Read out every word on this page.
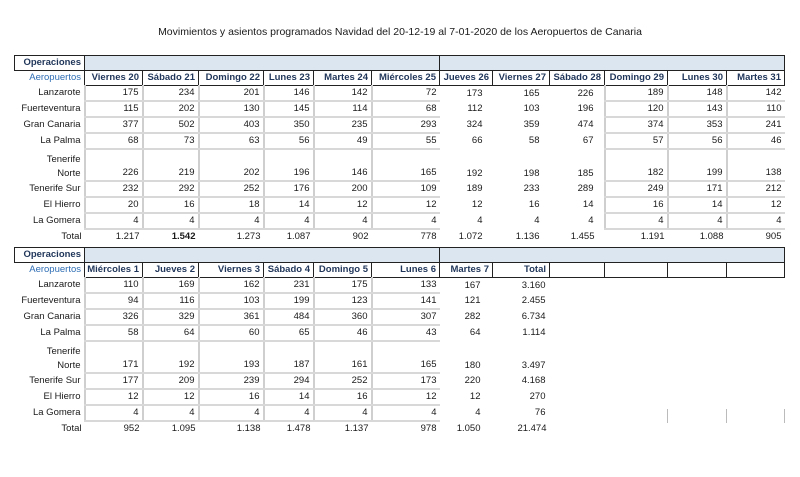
Movimientos y asientos programados Navidad del 20-12-19 al 7-01-2020 de los Aeropuertos de Canaria
Operaciones												
Aeropuertos	Viernes 20	Sábado 21	Domingo 22	Lunes 23	Martes 24	Miércoles 25	Jueves 26	Viernes 27	Sábado 28	Domingo 29	Lunes 30	Martes 31
Lanzarote	175	234	201	146	142	72	173	165	226	189	148	142
Fuerteventura	115	202	130	145	114	68	112	103	196	120	143	110
Gran Canaria	377	502	403	350	235	293	324	359	474	374	353	241
La Palma	68	73	63	56	49	55	66	58	67	57	56	46

Tenerife
Norte	226	219	202	196	146	165	192	198	185	182	199	138
Tenerife Sur	232	292	252	176	200	109	189	233	289	249	171	212
El Hierro	20	16	18	14	12	12	12	16	14	16	14	12
La Gomera	4	4	4	4	4	4	4	4	4	4	4	4
Total	1.217	1.542	1.273	1.087	902	778	1.072	1.136	1.455	1.191	1.088	905
Operaciones												
Aeropuertos	Miércoles 1	Jueves 2	Viernes 3	Sábado 4	Domingo 5	Lunes 6	Martes 7	Total				
Lanzarote	110	169	162	231	175	133	167	3.160				
Fuerteventura	94	116	103	199	123	141	121	2.455				
Gran Canaria	326	329	361	484	360	307	282	6.734				
La Palma	58	64	60	65	46	43	64	1.114				

Tenerife
Norte	171	192	193	187	161	165	180	3.497				
Tenerife Sur	177	209	239	294	252	173	220	4.168				
El Hierro	12	12	16	14	16	12	12	270				
La Gomera	4	4	4	4	4	4	4	76				
Total	952	1.095	1.138	1.478	1.137	978	1.050	21.474				
